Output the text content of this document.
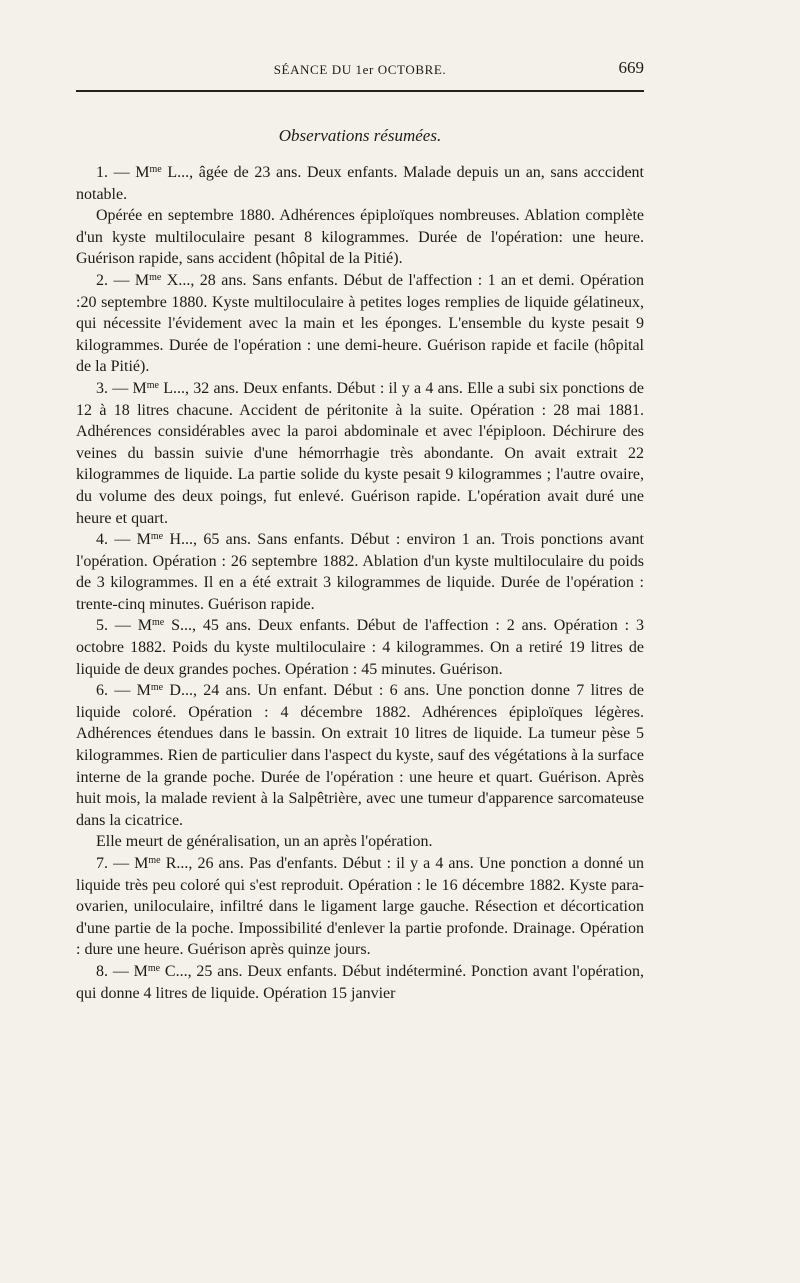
SÉANCE DU 1er OCTOBRE.	669
Observations résumées.

1. — $M^{me}$ L..., âgée de 23 ans. Deux enfants. Malade depuis un an, sans acccident notable.

Opérée en septembre 1880. Adhérences épiploïques nombreuses. Ablation complète d'un kyste multiloculaire pesant 8 kilogrammes. Durée de l'opération: une heure. Guérison rapide, sans accident (hôpital de la Pitié).

2. — $M^{me}$ X..., 28 ans. Sans enfants. Début de l'affection : 1 an et demi. Opération :20 septembre 1880. Kyste multiloculaire à petites loges remplies de liquide gélatineux, qui nécessite l'évidement avec la main et les éponges. L'ensemble du kyste pesait 9 kilogrammes. Durée de l'opération : une demi-heure. Guérison rapide et facile (hôpital de la Pitié).

3. — $M^{me}$ L..., 32 ans. Deux enfants. Début : il y a 4 ans. Elle a subi six ponctions de 12 à 18 litres chacune. Accident de péritonite à la suite. Opération : 28 mai 1881. Adhérences considérables avec la paroi abdominale et avec l'épiploon. Déchirure des veines du bassin suivie d'une hémorrhagie très abondante. On avait extrait 22 kilogrammes de liquide. La partie solide du kyste pesait 9 kilogrammes ; l'autre ovaire, du volume des deux poings, fut enlevé. Guérison rapide. L'opération avait duré une heure et quart.

4. — $M^{me}$ H..., 65 ans. Sans enfants. Début : environ 1 an. Trois ponctions avant l'opération. Opération : 26 septembre 1882. Ablation d'un kyste multiloculaire du poids de 3 kilogrammes. Il en a été extrait 3 kilogrammes de liquide. Durée de l'opération : trente-cinq minutes. Guérison rapide.

5. — $M^{me}$ S..., 45 ans. Deux enfants. Début de l'affection : 2 ans. Opération : 3 octobre 1882. Poids du kyste multiloculaire : 4 kilogrammes. On a retiré 19 litres de liquide de deux grandes poches. Opération : 45 minutes. Guérison.

6. — $M^{me}$ D..., 24 ans. Un enfant. Début : 6 ans. Une ponction donne 7 litres de liquide coloré. Opération : 4 décembre 1882. Adhérences épiploïques légères. Adhérences étendues dans le bassin. On extrait 10 litres de liquide. La tumeur pèse 5 kilogrammes. Rien de particulier dans l'aspect du kyste, sauf des végétations à la surface interne de la grande poche. Durée de l'opération : une heure et quart. Guérison. Après huit mois, la malade revient à la Salpêtrière, avec une tumeur d'apparence sarcomateuse dans la cicatrice.

Elle meurt de généralisation, un an après l'opération.

7. — $M^{me}$ R..., 26 ans. Pas d'enfants. Début : il y a 4 ans. Une ponction a donné un liquide très peu coloré qui s'est reproduit. Opération : le 16 décembre 1882. Kyste para-ovarien, uniloculaire, infiltré dans le ligament large gauche. Résection et décortication d'une partie de la poche. Impossibilité d'enlever la partie profonde. Drainage. Opération : dure une heure. Guérison après quinze jours.

8. — $M^{me}$ C..., 25 ans. Deux enfants. Début indéterminé. Ponction avant l'opération, qui donne 4 litres de liquide. Opération 15 janvier
